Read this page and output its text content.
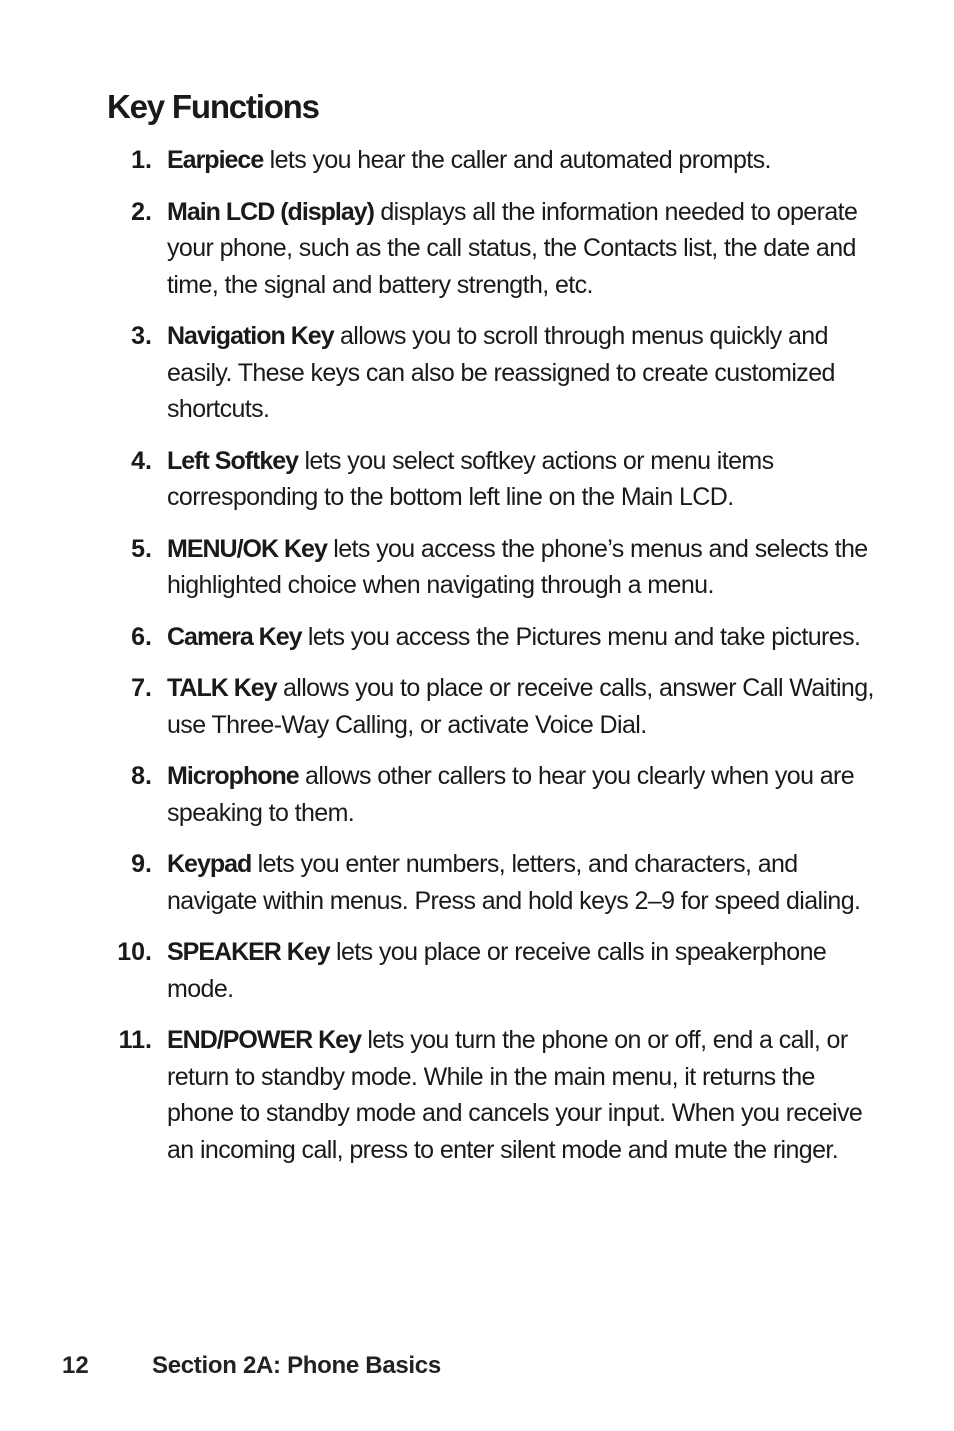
Key Functions
1. Earpiece lets you hear the caller and automated prompts.
2. Main LCD (display) displays all the information needed to operate your phone, such as the call status, the Contacts list, the date and time, the signal and battery strength, etc.
3. Navigation Key allows you to scroll through menus quickly and easily. These keys can also be reassigned to create customized shortcuts.
4. Left Softkey lets you select softkey actions or menu items corresponding to the bottom left line on the Main LCD.
5. MENU/OK Key lets you access the phone’s menus and selects the highlighted choice when navigating through a menu.
6. Camera Key lets you access the Pictures menu and take pictures.
7. TALK Key allows you to place or receive calls, answer Call Waiting, use Three-Way Calling, or activate Voice Dial.
8. Microphone allows other callers to hear you clearly when you are speaking to them.
9. Keypad lets you enter numbers, letters, and characters, and navigate within menus. Press and hold keys 2–9 for speed dialing.
10. SPEAKER Key lets you place or receive calls in speakerphone mode.
11. END/POWER Key lets you turn the phone on or off, end a call, or return to standby mode. While in the main menu, it returns the phone to standby mode and cancels your input. When you receive an incoming call, press to enter silent mode and mute the ringer.
12	Section 2A: Phone Basics
